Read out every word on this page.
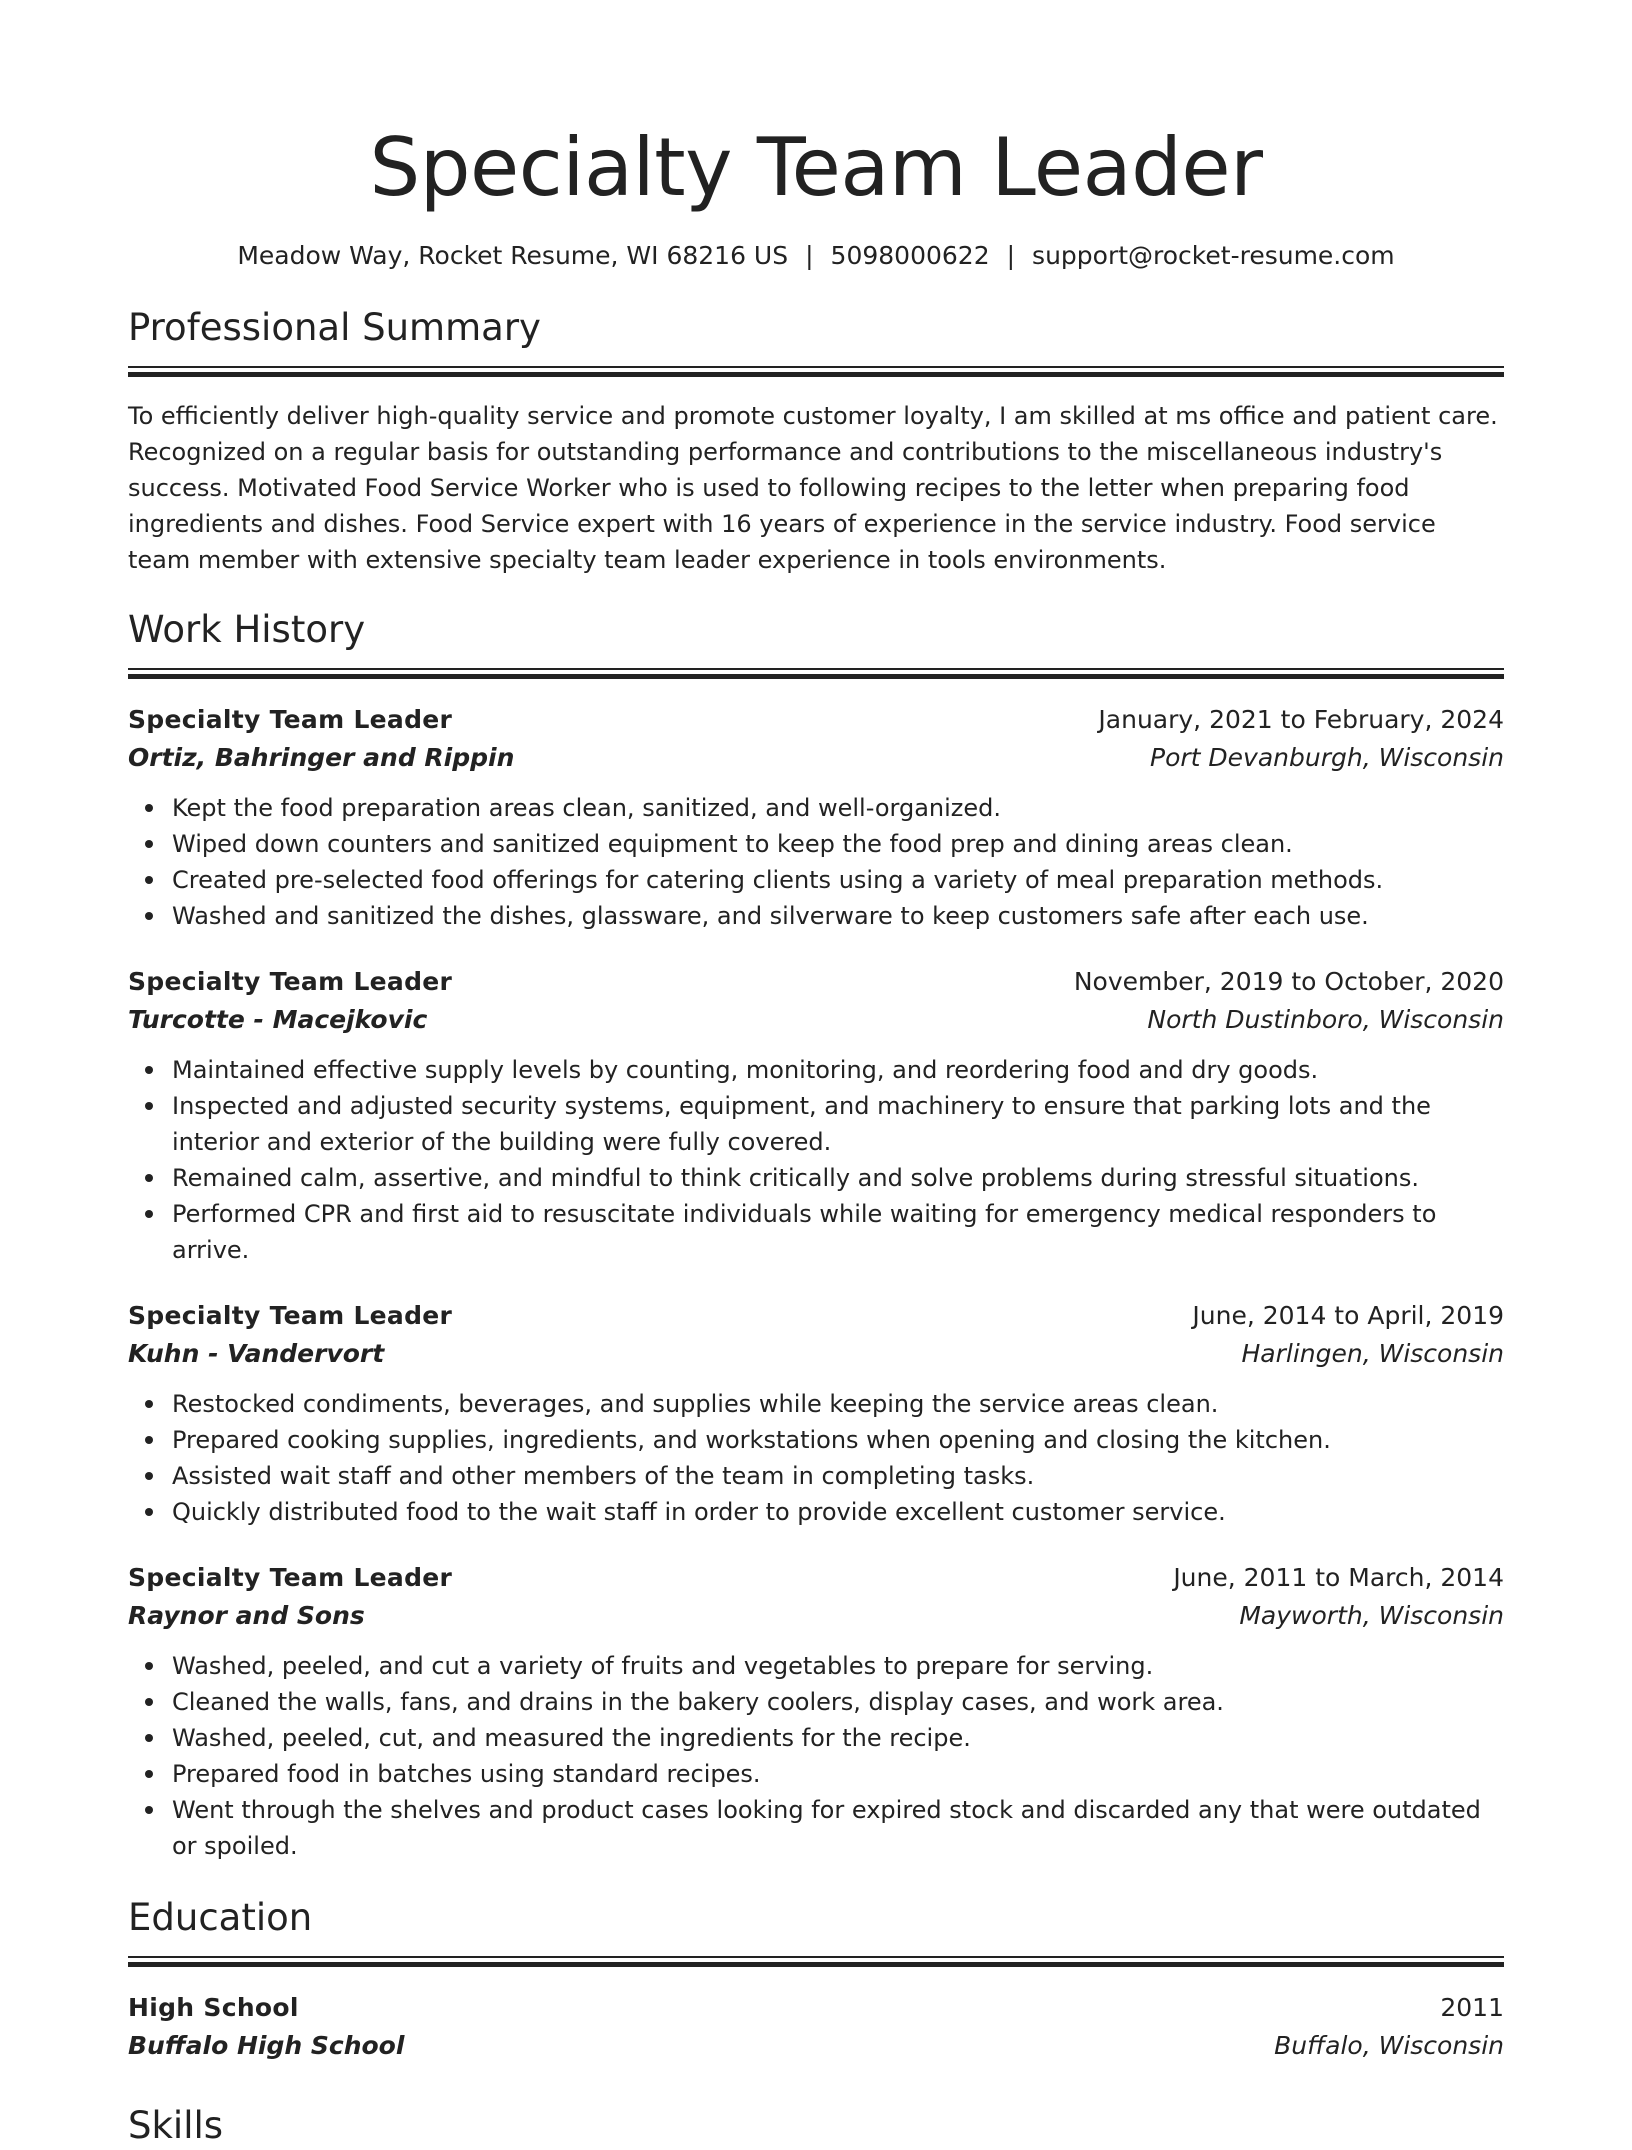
Specialty Team Leader
Meadow Way, Rocket Resume, WI 68216 US | 5098000622 | support@rocket-resume.com
Professional Summary

To efficiently deliver high-quality service and promote customer loyalty, I am skilled at ms office and patient care. Recognized on a regular basis for outstanding performance and contributions to the miscellaneous industry's success. Motivated Food Service Worker who is used to following recipes to the letter when preparing food ingredients and dishes. Food Service expert with 16 years of experience in the service industry. Food service team member with extensive specialty team leader experience in tools environments.

Work History
Specialty Team Leader	January, 2021 to February, 2024
Ortiz, Bahringer and Rippin	Port Devanburgh, Wisconsin
Kept the food preparation areas clean, sanitized, and well-organized.
Wiped down counters and sanitized equipment to keep the food prep and dining areas clean.
Created pre-selected food offerings for catering clients using a variety of meal preparation methods.
Washed and sanitized the dishes, glassware, and silverware to keep customers safe after each use.
Specialty Team Leader	November, 2019 to October, 2020
Turcotte - Macejkovic	North Dustinboro, Wisconsin
Maintained effective supply levels by counting, monitoring, and reordering food and dry goods.
Inspected and adjusted security systems, equipment, and machinery to ensure that parking lots and the interior and exterior of the building were fully covered.
Remained calm, assertive, and mindful to think critically and solve problems during stressful situations.
Performed CPR and first aid to resuscitate individuals while waiting for emergency medical responders to arrive.
Specialty Team Leader	June, 2014 to April, 2019
Kuhn - Vandervort	Harlingen, Wisconsin
Restocked condiments, beverages, and supplies while keeping the service areas clean.
Prepared cooking supplies, ingredients, and workstations when opening and closing the kitchen.
Assisted wait staff and other members of the team in completing tasks.
Quickly distributed food to the wait staff in order to provide excellent customer service.
Specialty Team Leader	June, 2011 to March, 2014
Raynor and Sons	Mayworth, Wisconsin
Washed, peeled, and cut a variety of fruits and vegetables to prepare for serving.
Cleaned the walls, fans, and drains in the bakery coolers, display cases, and work area.
Washed, peeled, cut, and measured the ingredients for the recipe.
Prepared food in batches using standard recipes.
Went through the shelves and product cases looking for expired stock and discarded any that were outdated or spoiled.
Education
High School	2011
Buffalo High School	Buffalo, Wisconsin
Skills
